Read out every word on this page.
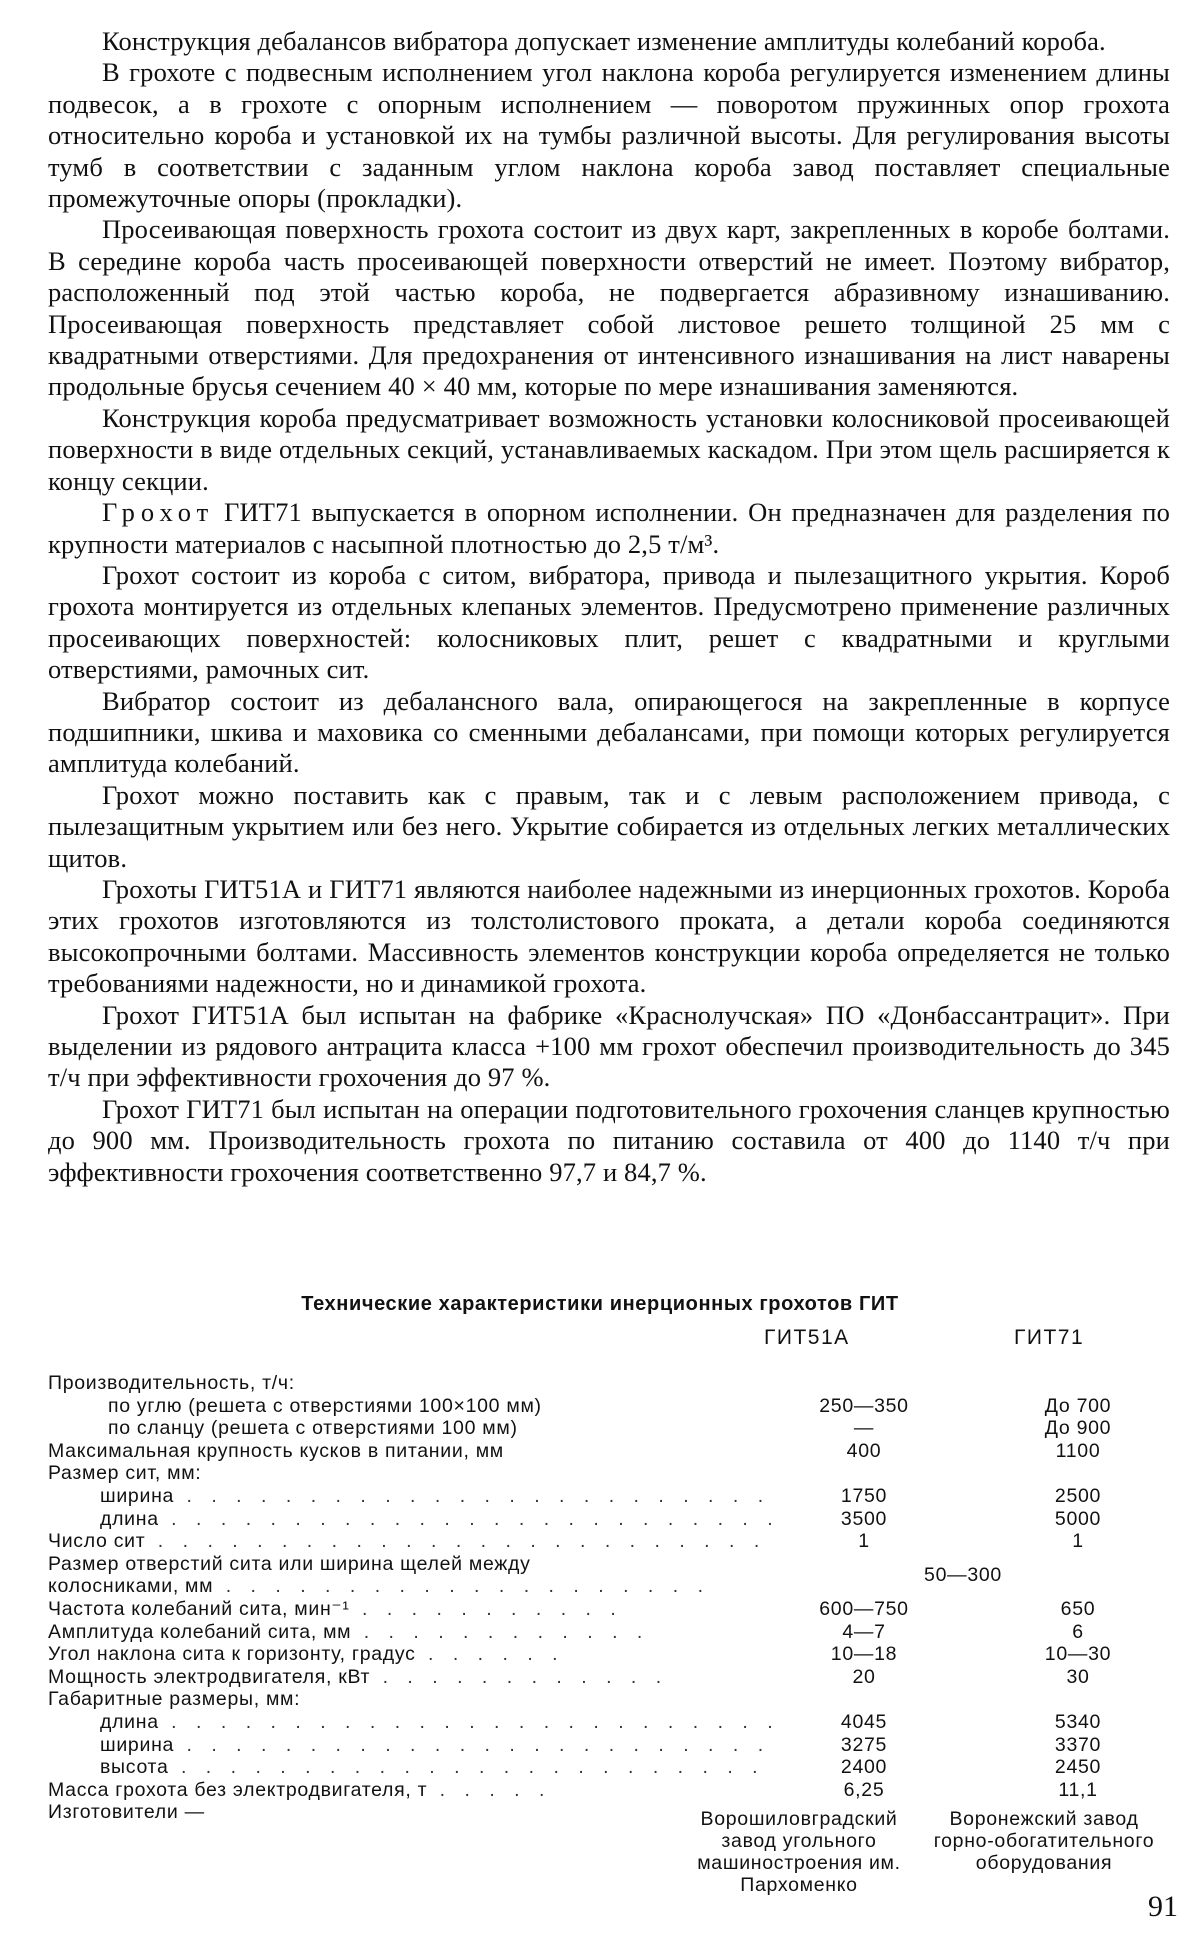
Конструкция дебалансов вибратора допускает изменение амплитуды колебаний короба.

В грохоте с подвесным исполнением угол наклона короба регулируется изменением длины подвесок, а в грохоте с опорным исполнением — поворотом пружинных опор грохота относительно короба и установкой их на тумбы различной высоты. Для регулирования высоты тумб в соответствии с заданным углом наклона короба завод поставляет специальные промежуточные опоры (прокладки).

Просеивающая поверхность грохота состоит из двух карт, закрепленных в коробе болтами. В середине короба часть просеивающей поверхности отверстий не имеет. Поэтому вибратор, расположенный под этой частью короба, не подвергается абразивному изнашиванию. Просеивающая поверхность представляет собой листовое решето толщиной 25 мм с квадратными отверстиями. Для предохранения от интенсивного изнашивания на лист наварены продольные брусья сечением 40 × 40 мм, которые по мере изнашивания заменяются.

Конструкция короба предусматривает возможность установки колосниковой просеивающей поверхности в виде отдельных секций, устанавливаемых каскадом. При этом щель расширяется к концу секции.

Грохот ГИТ71 выпускается в опорном исполнении. Он предназначен для разделения по крупности материалов с насыпной плотностью до 2,5 т/м³.

Грохот состоит из короба с ситом, вибратора, привода и пылезащитного укрытия. Короб грохота монтируется из отдельных клепаных элементов. Предусмотрено применение различных просеивающих поверхностей: колосниковых плит, решет с квадратными и круглыми отверстиями, рамочных сит.

Вибратор состоит из дебалансного вала, опирающегося на закрепленные в корпусе подшипники, шкива и маховика со сменными дебалансами, при помощи которых регулируется амплитуда колебаний.

Грохот можно поставить как с правым, так и с левым расположением привода, с пылезащитным укрытием или без него. Укрытие собирается из отдельных легких металлических щитов.

Грохоты ГИТ51А и ГИТ71 являются наиболее надежными из инерционных грохотов. Короба этих грохотов изготовляются из толстолистового проката, а детали короба соединяются высокопрочными болтами. Массивность элементов конструкции короба определяется не только требованиями надежности, но и динамикой грохота.

Грохот ГИТ51А был испытан на фабрике «Краснолучская» ПО «Донбассантрацит». При выделении из рядового антрацита класса +100 мм грохот обеспечил производительность до 345 т/ч при эффективности грохочения до 97 %.

Грохот ГИТ71 был испытан на операции подготовительного грохочения сланцев крупностью до 900 мм. Производительность грохота по питанию составила от 400 до 1140 т/ч при эффективности грохочения соответственно 97,7 и 84,7 %.

Технические характеристики инерционных грохотов ГИТ
ГИТ51А	ГИТ71
Производительность, т/ч:
по углю (решета с отверстиями 100×100 мм)	250—350	До 700
по сланцу (решета с отверстиями 100 мм)	—	До 900
Максимальная крупность кусков в питании, мм	400	1100
Размер сит, мм:
ширина . . . . . . . . . . . . . . . . . . . . . . . .	1750	2500
длина . . . . . . . . . . . . . . . . . . . . . . . . .	3500	5000
Число сит . . . . . . . . . . . . . . . . . . . . . . . . .	1	1
Размер отверстий сита или ширина щелей между	50—300
колосниками, мм . . . . . . . . . . . . . . . . . . . .
Частота колебаний сита, мин⁻¹ . . . . . . . . . . .	600—750	650
Амплитуда колебаний сита, мм . . . . . . . . . . . .	4—7	6
Угол наклона сита к горизонту, градус . . . . . .	10—18	10—30
Мощность электродвигателя, кВт . . . . . . . . . . . .	20	30
Габаритные размеры, мм:
длина . . . . . . . . . . . . . . . . . . . . . . . . .	4045	5340
ширина . . . . . . . . . . . . . . . . . . . . . . . .	3275	3370
высота . . . . . . . . . . . . . . . . . . . . . . . .	2400	2450
Масса грохота без электродвигателя, т . . . . .	6,25	11,1
Изготовители —	Ворошиловградский завод угольного машиностроения им. Пархоменко
Воронежский завод горно-обогатительного оборудования
91
